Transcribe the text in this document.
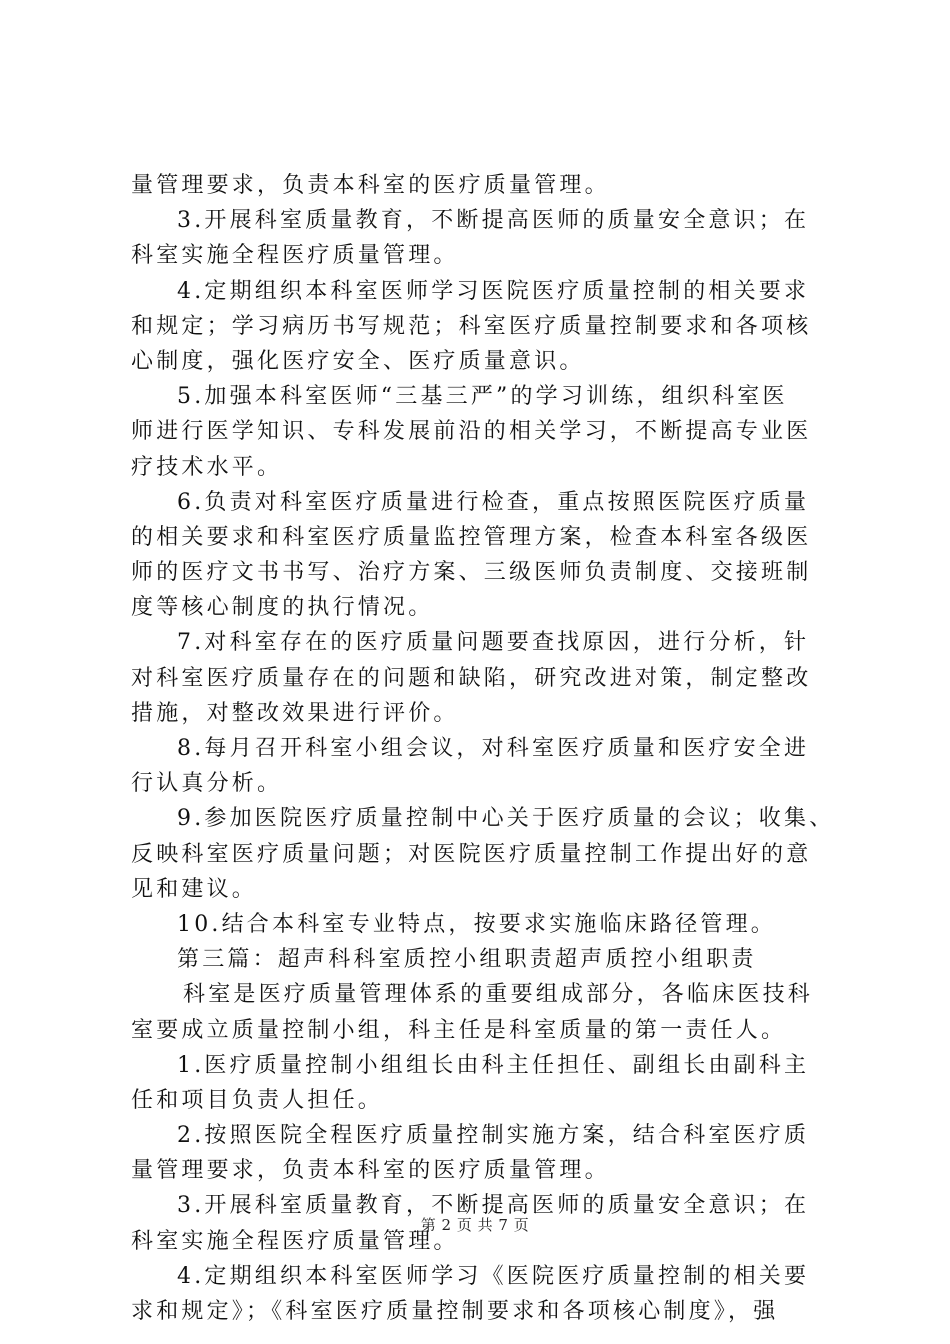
量管理要求，负责本科室的医疗质量管理。
3.开展科室质量教育，不断提高医师的质量安全意识；在
科室实施全程医疗质量管理。
4.定期组织本科室医师学习医院医疗质量控制的相关要求
和规定；学习病历书写规范；科室医疗质量控制要求和各项核
心制度，强化医疗安全、医疗质量意识。
5.加强本科室医师“三基三严”的学习训练，组织科室医
师进行医学知识、专科发展前沿的相关学习，不断提高专业医
疗技术水平。
6.负责对科室医疗质量进行检查，重点按照医院医疗质量
的相关要求和科室医疗质量监控管理方案，检查本科室各级医
师的医疗文书书写、治疗方案、三级医师负责制度、交接班制
度等核心制度的执行情况。
7.对科室存在的医疗质量问题要查找原因，进行分析，针
对科室医疗质量存在的问题和缺陷，研究改进对策，制定整改
措施，对整改效果进行评价。
8.每月召开科室小组会议，对科室医疗质量和医疗安全进
行认真分析。
9.参加医院医疗质量控制中心关于医疗质量的会议；收集、
反映科室医疗质量问题；对医院医疗质量控制工作提出好的意
见和建议。
10.结合本科室专业特点，按要求实施临床路径管理。
第三篇：超声科科室质控小组职责超声质控小组职责
科室是医疗质量管理体系的重要组成部分，各临床医技科
室要成立质量控制小组，科主任是科室质量的第一责任人。
1.医疗质量控制小组组长由科主任担任、副组长由副科主
任和项目负责人担任。
2.按照医院全程医疗质量控制实施方案，结合科室医疗质
量管理要求，负责本科室的医疗质量管理。
3.开展科室质量教育，不断提高医师的质量安全意识；在
科室实施全程医疗质量管理。
4.定期组织本科室医师学习《医院医疗质量控制的相关要
求和规定》；《科室医疗质量控制要求和各项核心制度》，强
第 2 页 共 7 页
